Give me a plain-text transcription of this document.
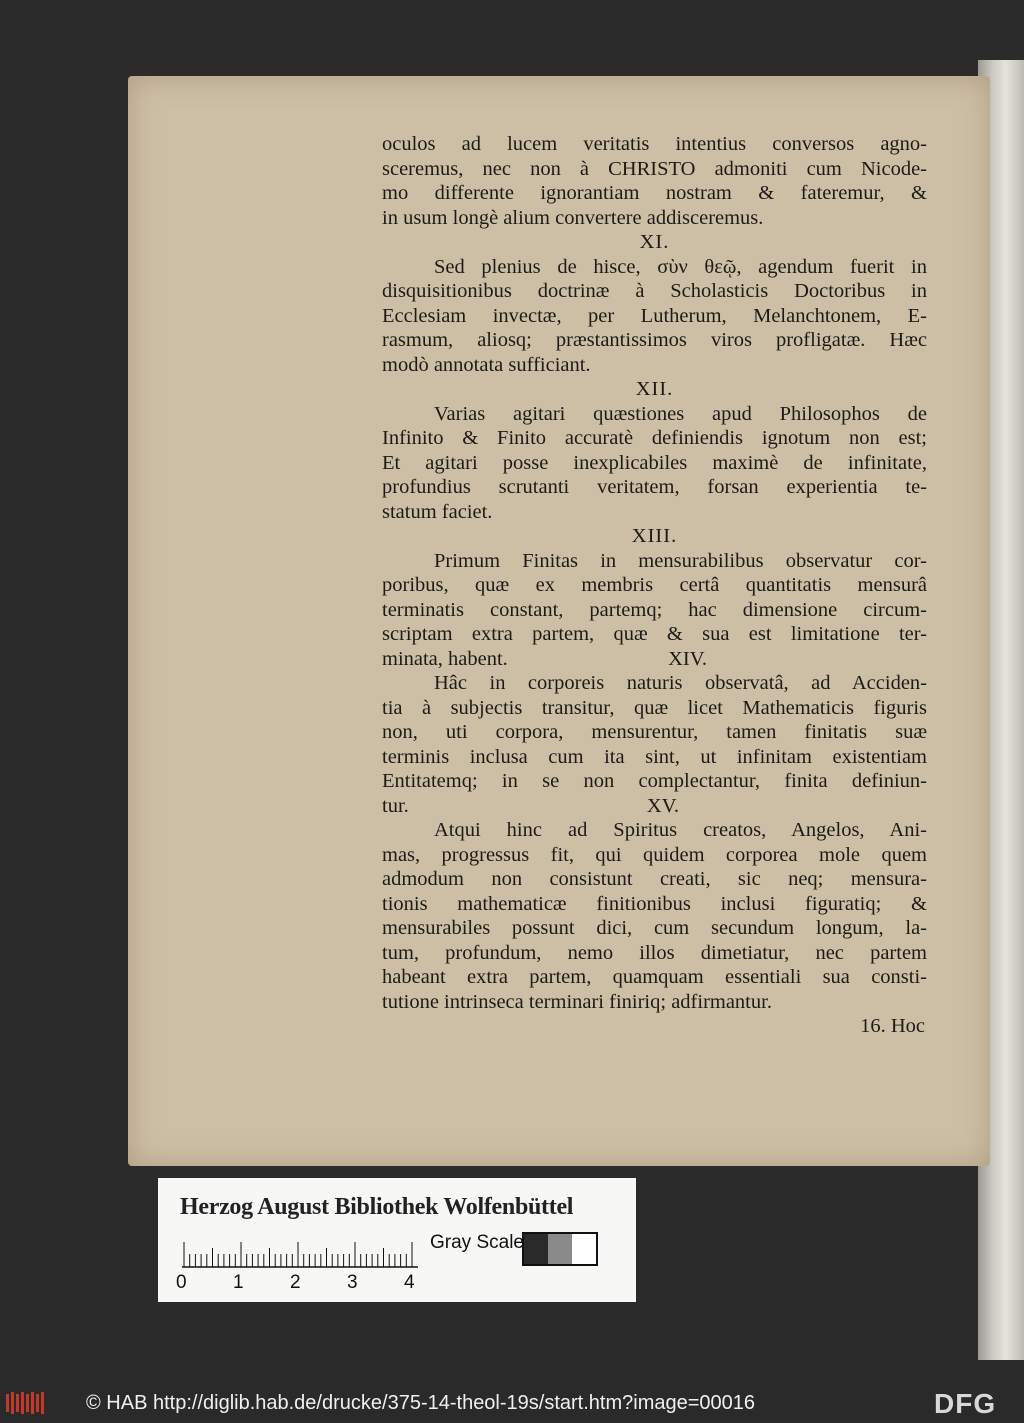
oculos ad lucem veritatis intentius conversos agno-
sceremus, nec non à CHRISTO admoniti cum Nicode-
mo differente ignorantiam nostram & fateremur, &
in usum longè alium convertere addisceremus.
XI.
Sed plenius de hisce, σὺν θεῷ, agendum fuerit in
disquisitionibus doctrinæ à Scholasticis Doctoribus in
Ecclesiam invectæ, per Lutherum, Melanchtonem, E-
rasmum, aliosq; præstantissimos viros profligatæ. Hæc
modò annotata sufficiant.
XII.
Varias agitari quæstiones apud Philosophos de
Infinito & Finito accuratè definiendis ignotum non est;
Et agitari posse inexplicabiles maximè de infinitate,
profundius scrutanti veritatem, forsan experientia te-
statum faciet.
XIII.
Primum Finitas in mensurabilibus observatur cor-
poribus, quæ ex membris certâ quantitatis mensurâ
terminatis constant, partemq; hac dimensione circum-
scriptam extra partem, quæ & sua est limitatione ter-
minata, habent.	XIV.
Hâc in corporeis naturis observatâ, ad Acciden-
tia à subjectis transitur, quæ licet Mathematicis figuris
non, uti corpora, mensurentur, tamen finitatis suæ
terminis inclusa cum ita sint, ut infinitam existentiam
Entitatemq; in se non complectantur, finita definiun-
tur.	XV.
Atqui hinc ad Spiritus creatos, Angelos, Ani-
mas, progressus fit, qui quidem corporea mole quem
admodum non consistunt creati, sic neq; mensura-
tionis mathematicæ finitionibus inclusi figuratiq; &
mensurabiles possunt dici, cum secundum longum, la-
tum, profundum, nemo illos dimetiatur, nec partem
habeant extra partem, quamquam essentiali sua consti-
tutione intrinseca terminari finiriq; adfirmantur.
16. Hoc
Herzog August Bibliothek Wolfenbüttel
0 1 2 3 4
Gray Scale
© HAB http://diglib.hab.de/drucke/375-14-theol-19s/start.htm?image=00016	DFG
